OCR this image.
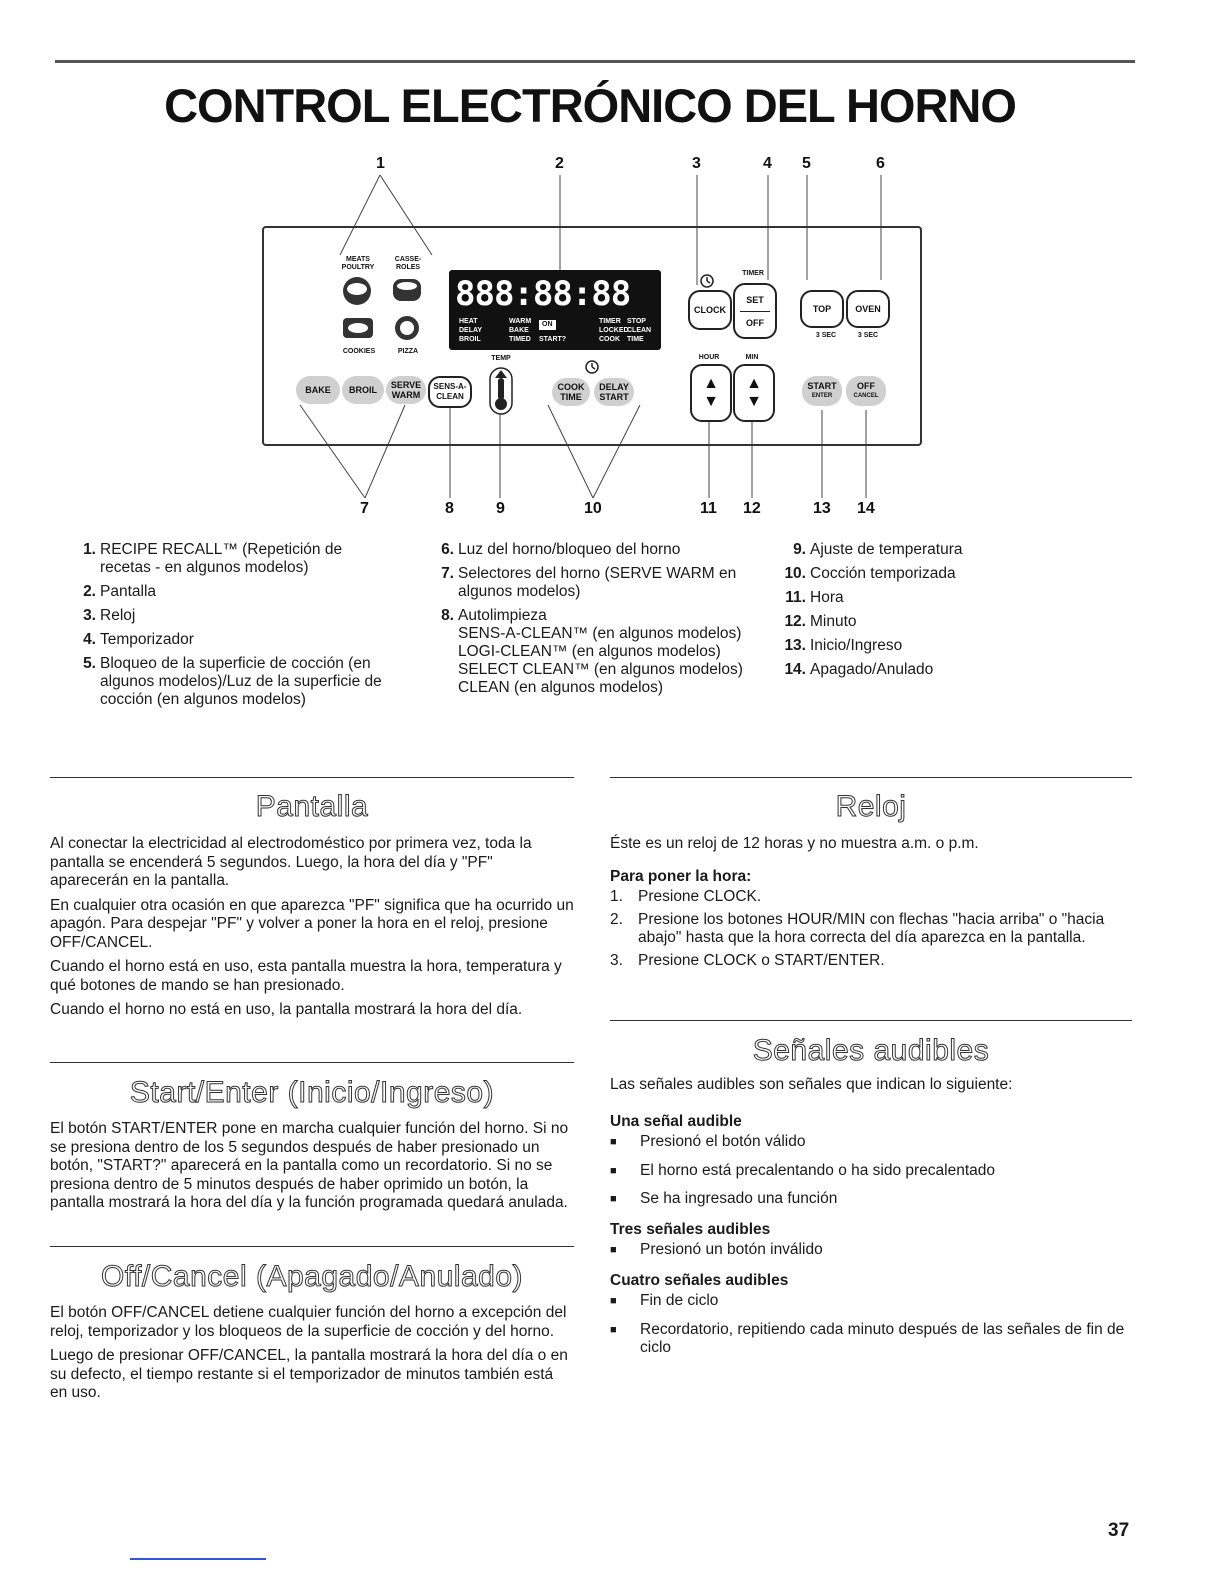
CONTROL ELECTRÓNICO DEL HORNO
1	2	3	4 5	6
7	8	9	10	11 12	13 14
MEATS POULTRY
CASSE-ROLES
COOKIES	PIZZA
888:88:88
HEAT	WARM	TIMER STOP
DELAY	BAKE
BROIL
ON
LOCKED
CLEAN
TIMED START?	COOK TIME
BAKE	BROIL	SERVE WARM
SENS-A- CLEAN
TEMP
COOK TIME
DELAY START
CLOCK
TIMER
SET
OFF
TOP	OVEN
3 SEC	3 SEC
HOUR	MIN
▲
▼
▲
▼
START
ENTER
OFF
CANCEL
1. RECIPE RECALL™ (Repetición de recetas - en algunos modelos)
2. Pantalla
3. Reloj
4. Temporizador
5. Bloqueo de la superficie de cocción (en algunos modelos)/Luz de la superficie de cocción (en algunos modelos)
6. Luz del horno/bloqueo del horno
7. Selectores del horno (SERVE WARM en algunos modelos)
8. Autolimpieza
SENS-A-CLEAN™ (en algunos modelos)
LOGI-CLEAN™ (en algunos modelos)
SELECT CLEAN™ (en algunos modelos)
CLEAN (en algunos modelos)
9. Ajuste de temperatura
10. Cocción temporizada
11. Hora
12. Minuto
13. Inicio/Ingreso
14. Apagado/Anulado
Pantalla

Al conectar la electricidad al electrodoméstico por primera vez, toda la pantalla se encenderá 5 segundos. Luego, la hora del día y "PF" aparecerán en la pantalla.

En cualquier otra ocasión en que aparezca "PF" significa que ha ocurrido un apagón. Para despejar "PF" y volver a poner la hora en el reloj, presione OFF/CANCEL.

Cuando el horno está en uso, esta pantalla muestra la hora, temperatura y qué botones de mando se han presionado.

Cuando el horno no está en uso, la pantalla mostrará la hora del día.

Start/Enter (Inicio/Ingreso)

El botón START/ENTER pone en marcha cualquier función del horno. Si no se presiona dentro de los 5 segundos después de haber presionado un botón, "START?" aparecerá en la pantalla como un recordatorio. Si no se presiona dentro de 5 minutos después de haber oprimido un botón, la pantalla mostrará la hora del día y la función programada quedará anulada.

Off/Cancel (Apagado/Anulado)

El botón OFF/CANCEL detiene cualquier función del horno a excepción del reloj, temporizador y los bloqueos de la superficie de cocción y del horno.

Luego de presionar OFF/CANCEL, la pantalla mostrará la hora del día o en su defecto, el tiempo restante si el temporizador de minutos también está en uso.

Reloj

Éste es un reloj de 12 horas y no muestra a.m. o p.m.

Para poner la hora:
1. Presione CLOCK.
2. Presione los botones HOUR/MIN con flechas "hacia arriba" o "hacia abajo" hasta que la hora correcta del día aparezca en la pantalla.
3. Presione CLOCK o START/ENTER.
Señales audibles

Las señales audibles son señales que indican lo siguiente:

Una señal audible
■	Presionó el botón válido
■	El horno está precalentando o ha sido precalentado
■	Se ha ingresado una función
Tres señales audibles
■	Presionó un botón inválido
Cuatro señales audibles
■	Fin de ciclo
■	Recordatorio, repitiendo cada minuto después de las señales de fin de ciclo
37
